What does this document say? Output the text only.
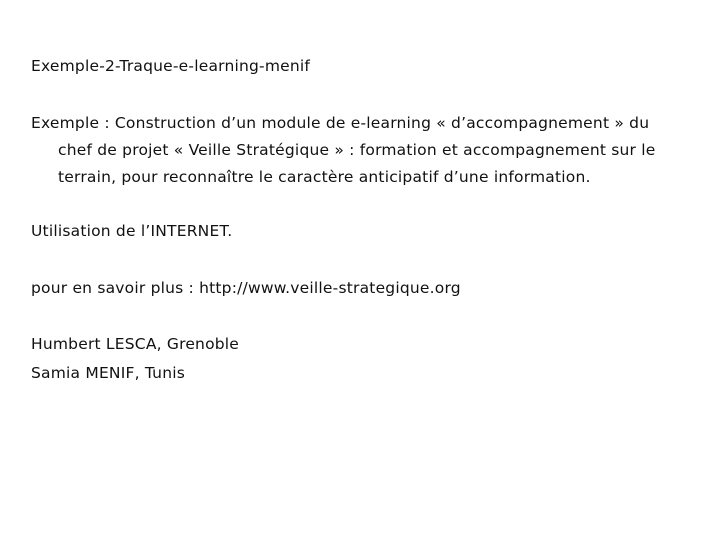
Exemple-2-Traque-e-learning-menif
Exemple : Construction d’un module de e-learning « d’accompagnement » du
chef de projet « Veille Stratégique » : formation et accompagnement sur le
terrain, pour reconnaître le caractère anticipatif d’une information.
Utilisation de l’INTERNET.
pour en savoir plus : http://www.veille-strategique.org
Humbert LESCA, Grenoble
Samia MENIF, Tunis
